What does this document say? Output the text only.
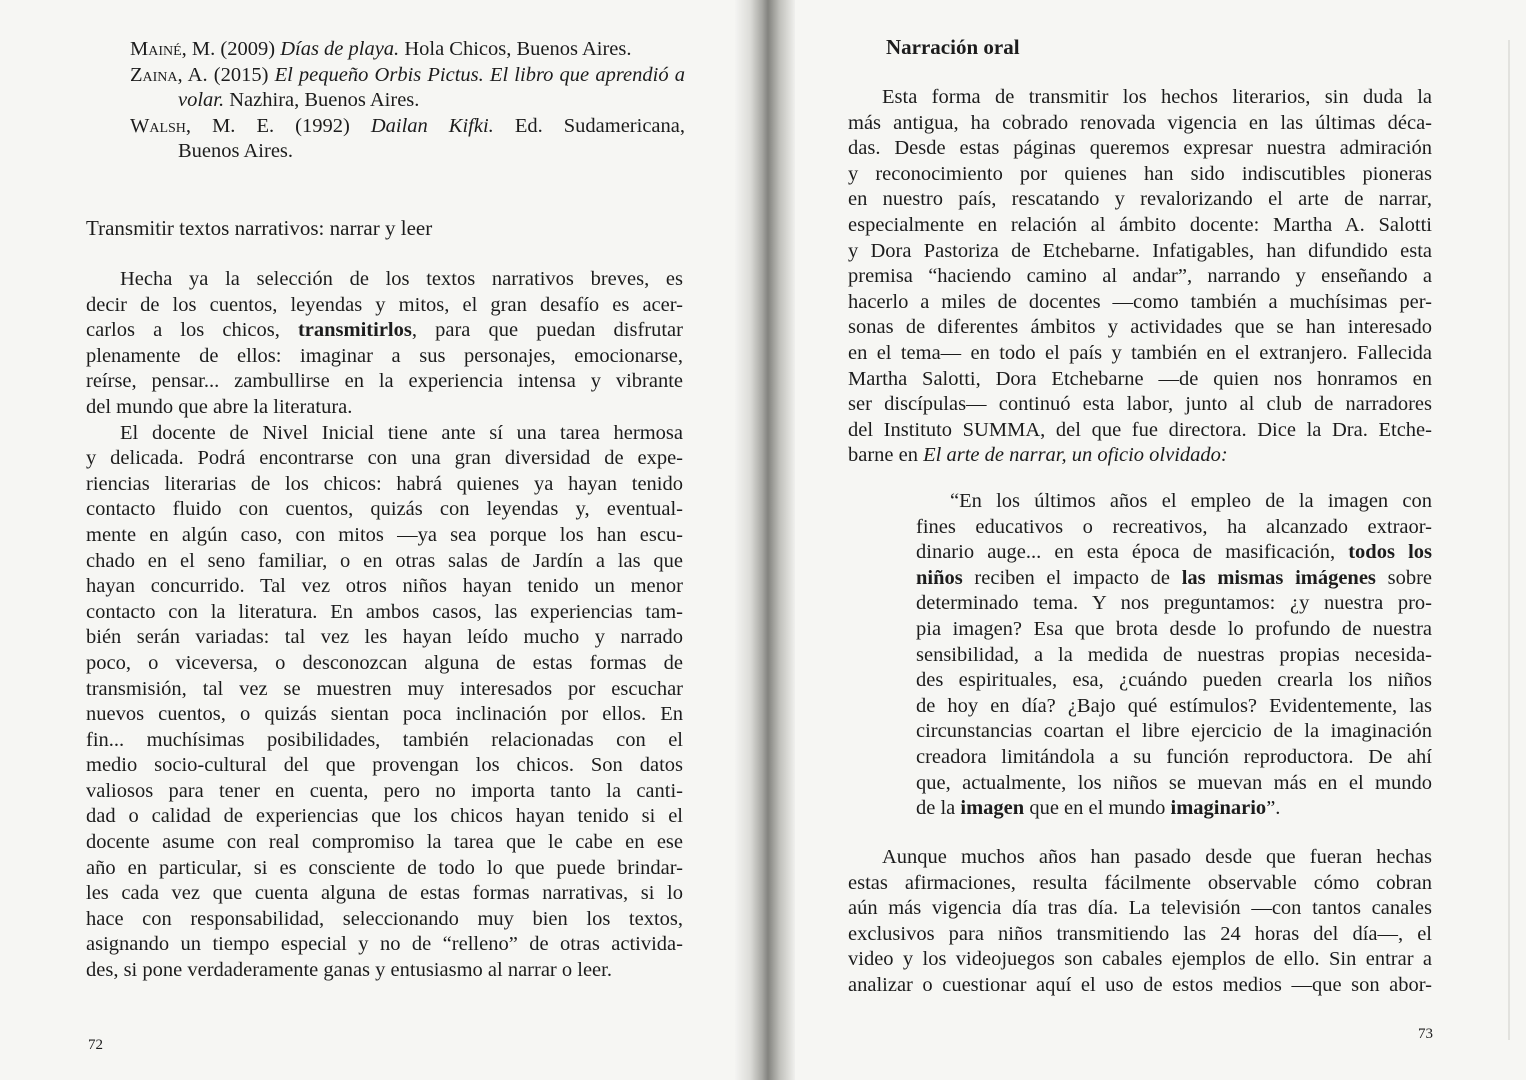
Mainé, M. (2009) Días de playa. Hola Chicos, Buenos Aires.
Zaina, A. (2015) El pequeño Orbis Pictus. El libro que aprendió a
volar. Nazhira, Buenos Aires.
Walsh, M. E. (1992) Dailan Kifki. Ed. Sudamericana,
Buenos Aires.
Transmitir textos narrativos: narrar y leer
Hecha ya la selección de los textos narrativos breves, es
decir de los cuentos, leyendas y mitos, el gran desafío es acer-
carlos a los chicos, transmitirlos, para que puedan disfrutar
plenamente de ellos: imaginar a sus personajes, emocionarse,
reírse, pensar... zambullirse en la experiencia intensa y vibrante
del mundo que abre la literatura.
El docente de Nivel Inicial tiene ante sí una tarea hermosa
y delicada. Podrá encontrarse con una gran diversidad de expe-
riencias literarias de los chicos: habrá quienes ya hayan tenido
contacto fluido con cuentos, quizás con leyendas y, eventual-
mente en algún caso, con mitos —ya sea porque los han escu-
chado en el seno familiar, o en otras salas de Jardín a las que
hayan concurrido. Tal vez otros niños hayan tenido un menor
contacto con la literatura. En ambos casos, las experiencias tam-
bién serán variadas: tal vez les hayan leído mucho y narrado
poco, o viceversa, o desconozcan alguna de estas formas de
transmisión, tal vez se muestren muy interesados por escuchar
nuevos cuentos, o quizás sientan poca inclinación por ellos. En
fin... muchísimas posibilidades, también relacionadas con el
medio socio-cultural del que provengan los chicos. Son datos
valiosos para tener en cuenta, pero no importa tanto la canti-
dad o calidad de experiencias que los chicos hayan tenido si el
docente asume con real compromiso la tarea que le cabe en ese
año en particular, si es consciente de todo lo que puede brindar-
les cada vez que cuenta alguna de estas formas narrativas, si lo
hace con responsabilidad, seleccionando muy bien los textos,
asignando un tiempo especial y no de “relleno” de otras activida-
des, si pone verdaderamente ganas y entusiasmo al narrar o leer.
72
Narración oral
Esta forma de transmitir los hechos literarios, sin duda la
más antigua, ha cobrado renovada vigencia en las últimas déca-
das. Desde estas páginas queremos expresar nuestra admiración
y reconocimiento por quienes han sido indiscutibles pioneras
en nuestro país, rescatando y revalorizando el arte de narrar,
especialmente en relación al ámbito docente: Martha A. Salotti
y Dora Pastoriza de Etchebarne. Infatigables, han difundido esta
premisa “haciendo camino al andar”, narrando y enseñando a
hacerlo a miles de docentes —como también a muchísimas per-
sonas de diferentes ámbitos y actividades que se han interesado
en el tema— en todo el país y también en el extranjero. Fallecida
Martha Salotti, Dora Etchebarne —de quien nos honramos en
ser discípulas— continuó esta labor, junto al club de narradores
del Instituto SUMMA, del que fue directora. Dice la Dra. Etche-
barne en El arte de narrar, un oficio olvidado:
“En los últimos años el empleo de la imagen con
fines educativos o recreativos, ha alcanzado extraor-
dinario auge... en esta época de masificación, todos los
niños reciben el impacto de las mismas imágenes sobre
determinado tema. Y nos preguntamos: ¿y nuestra pro-
pia imagen? Esa que brota desde lo profundo de nuestra
sensibilidad, a la medida de nuestras propias necesida-
des espirituales, esa, ¿cuándo pueden crearla los niños
de hoy en día? ¿Bajo qué estímulos? Evidentemente, las
circunstancias coartan el libre ejercicio de la imaginación
creadora limitándola a su función reproductora. De ahí
que, actualmente, los niños se muevan más en el mundo
de la imagen que en el mundo imaginario”.
Aunque muchos años han pasado desde que fueran hechas
estas afirmaciones, resulta fácilmente observable cómo cobran
aún más vigencia día tras día. La televisión —con tantos canales
exclusivos para niños transmitiendo las 24 horas del día—, el
video y los videojuegos son cabales ejemplos de ello. Sin entrar a
analizar o cuestionar aquí el uso de estos medios —que son abor-
73
